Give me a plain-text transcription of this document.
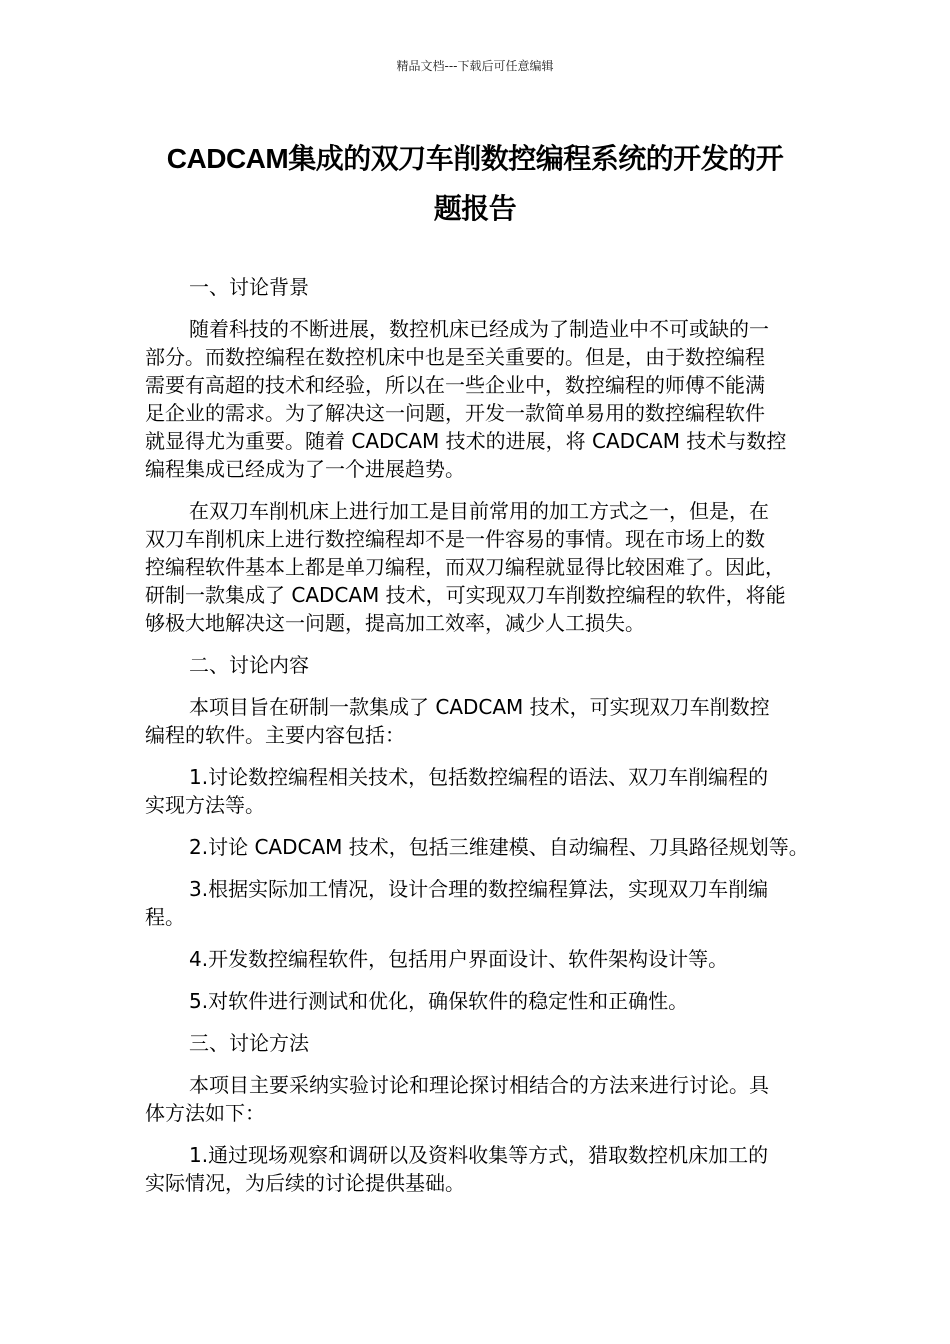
精品文档---下载后可任意编辑
CADCAM集成的双刀车削数控编程系统的开发的开
题报告
一、讨论背景
随着科技的不断进展，数控机床已经成为了制造业中不可或缺的一
部分。而数控编程在数控机床中也是至关重要的。但是，由于数控编程
需要有高超的技术和经验，所以在一些企业中，数控编程的师傅不能满
足企业的需求。为了解决这一问题，开发一款简单易用的数控编程软件
就显得尤为重要。随着 CADCAM 技术的进展，将 CADCAM 技术与数控
编程集成已经成为了一个进展趋势。
在双刀车削机床上进行加工是目前常用的加工方式之一，但是，在
双刀车削机床上进行数控编程却不是一件容易的事情。现在市场上的数
控编程软件基本上都是单刀编程，而双刀编程就显得比较困难了。因此，
研制一款集成了 CADCAM 技术，可实现双刀车削数控编程的软件，将能
够极大地解决这一问题，提高加工效率，减少人工损失。
二、讨论内容
本项目旨在研制一款集成了 CADCAM 技术，可实现双刀车削数控
编程的软件。主要内容包括：
1.讨论数控编程相关技术，包括数控编程的语法、双刀车削编程的
实现方法等。
2.讨论 CADCAM 技术，包括三维建模、自动编程、刀具路径规划等。
3.根据实际加工情况，设计合理的数控编程算法，实现双刀车削编
程。
4.开发数控编程软件，包括用户界面设计、软件架构设计等。
5.对软件进行测试和优化，确保软件的稳定性和正确性。
三、讨论方法
本项目主要采纳实验讨论和理论探讨相结合的方法来进行讨论。具
体方法如下：
1.通过现场观察和调研以及资料收集等方式，猎取数控机床加工的
实际情况，为后续的讨论提供基础。
